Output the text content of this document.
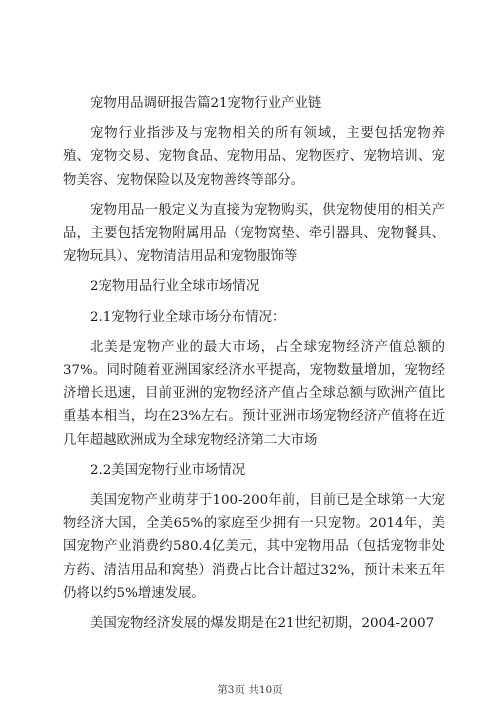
宠物用品调研报告篇21宠物行业产业链

宠物行业指涉及与宠物相关的所有领域，主要包括宠物养殖、宠物交易、宠物食品、宠物用品、宠物医疗、宠物培训、宠物美容、宠物保险以及宠物善终等部分。

宠物用品一般定义为直接为宠物购买，供宠物使用的相关产品，主要包括宠物附属用品（宠物窝垫、牵引器具、宠物餐具、宠物玩具）、宠物清洁用品和宠物服饰等

2宠物用品行业全球市场情况

2.1宠物行业全球市场分布情况：

北美是宠物产业的最大市场，占全球宠物经济产值总额的37%。同时随着亚洲国家经济水平提高，宠物数量增加，宠物经济增长迅速，目前亚洲的宠物经济产值占全球总额与欧洲产值比重基本相当，均在23%左右。预计亚洲市场宠物经济产值将在近几年超越欧洲成为全球宠物经济第二大市场

2.2美国宠物行业市场情况

美国宠物产业萌芽于100-200年前，目前已是全球第一大宠物经济大国，全美65%的家庭至少拥有一只宠物。2014年，美国宠物产业消费约580.4亿美元，其中宠物用品（包括宠物非处方药、清洁用品和窝垫）消费占比合计超过32%，预计未来五年仍将以约5%增速发展。

美国宠物经济发展的爆发期是在21世纪初期，2004-2007

第3页 共10页
